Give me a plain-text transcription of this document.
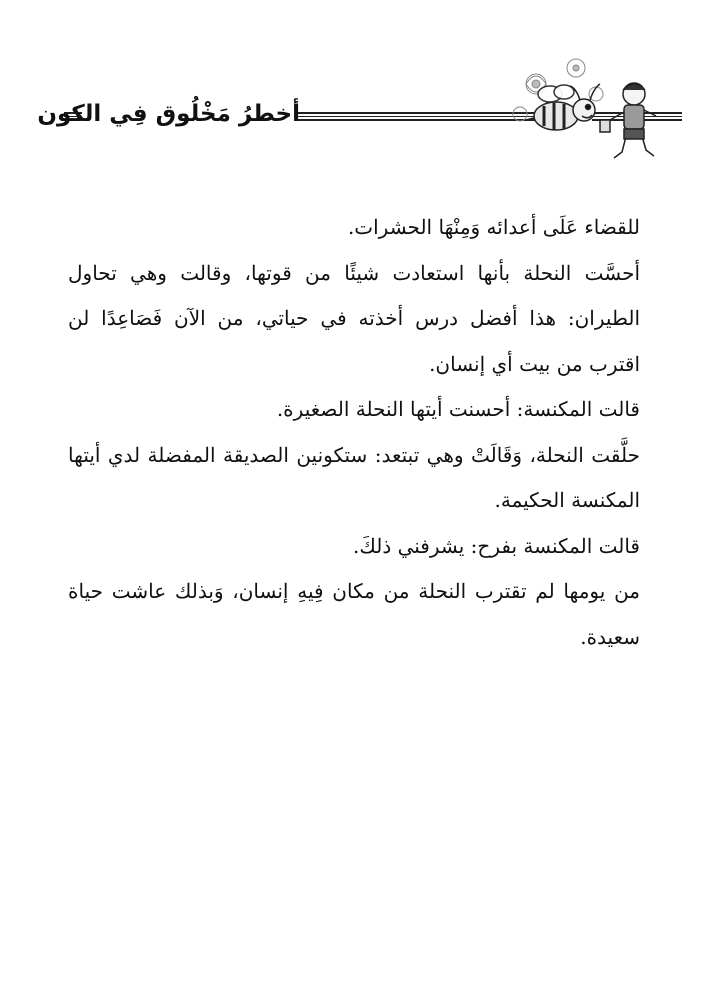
أخطرُ مَخْلُوق فِي الكون

للقضاء عَلَى أعدائه وَمِنْهَا الحشرات.

أحسَّت النحلة بأنها استعادت شيئًا من قوتها، وقالت وهي تحاول الطيران: هذا أفضل درس أخذته في حياتي، من الآن فَصَاعِدًا لن اقترب من بيت أي إنسان.

قالت المكنسة: أحسنت أيتها النحلة الصغيرة.

حلَّقت النحلة، وَقَالَتْ وهي تبتعد: ستكونين الصديقة المفضلة لدي أيتها المكنسة الحكيمة.

قالت المكنسة بفرح: يشرفني ذلكَ.

من يومها لم تقترب النحلة من مكان فِيهِ إنسان، وَبذلك عاشت حياة سعيدة.
